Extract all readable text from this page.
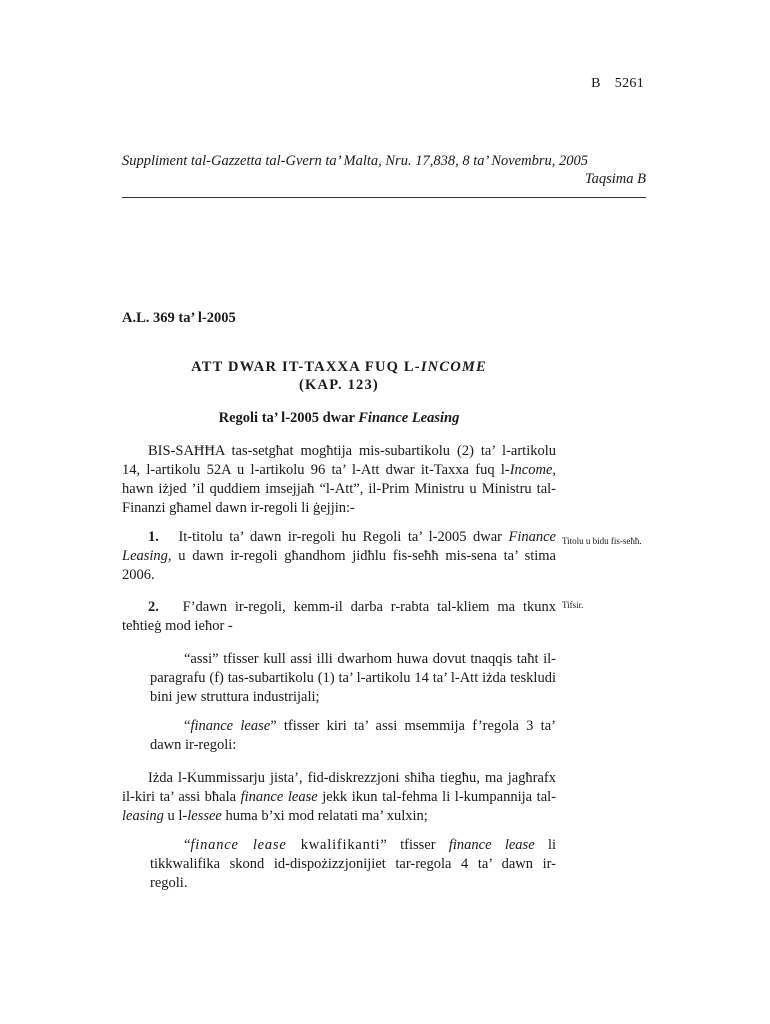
B 5261
Suppliment tal-Gazzetta tal-Gvern ta’ Malta, Nru. 17,838, 8 ta’ Novembru, 2005
Taqsima B
A.L. 369 ta’ l-2005
ATT DWAR IT-TAXXA FUQ L-INCOME
(KAP. 123)
Regoli ta’ l-2005 dwar Finance Leasing
BIS-SAĦĦA tas-setgħat mogħtija mis-subartikolu (2) ta’ l-artikolu 14, l-artikolu 52A u l-artikolu 96 ta’ l-Att dwar it-Taxxa fuq l-Income, hawn iżjed ’il quddiem imsejjaħ “l-Att”, il-Prim Ministru u Ministru tal-Finanzi għamel dawn ir-regoli li ġejjin:-
1. It-titolu ta’ dawn ir-regoli hu Regoli ta’ l-2005 dwar Finance Leasing, u dawn ir-regoli għandhom jidħlu fis-seħħ mis-sena ta’ stima 2006.
Titolu u bidu fis-seħħ.
2. F’dawn ir-regoli, kemm-il darba r-rabta tal-kliem ma tkunx teħtieġ mod ieħor -
Tifsir.
“assi” tfisser kull assi illi dwarhom huwa dovut tnaqqis taħt il-paragrafu (f) tas-subartikolu (1) ta’ l-artikolu 14 ta’ l-Att iżda teskludi bini jew struttura industrijali;
“finance lease” tfisser kiri ta’ assi msemmija f’regola 3 ta’ dawn ir-regoli:
Iżda l-Kummissarju jista’, fid-diskrezzjoni sħiħa tiegħu, ma jagħrafx il-kiri ta’ assi bħala finance lease jekk ikun tal-fehma li l-kumpannija tal-leasing u l-lessee huma b’xi mod relatati ma’ xulxin;
“finance lease kwalifikanti” tfisser finance lease li tikkwalifika skond id-dispożizzjonijiet tar-regola 4 ta’ dawn ir-regoli.
